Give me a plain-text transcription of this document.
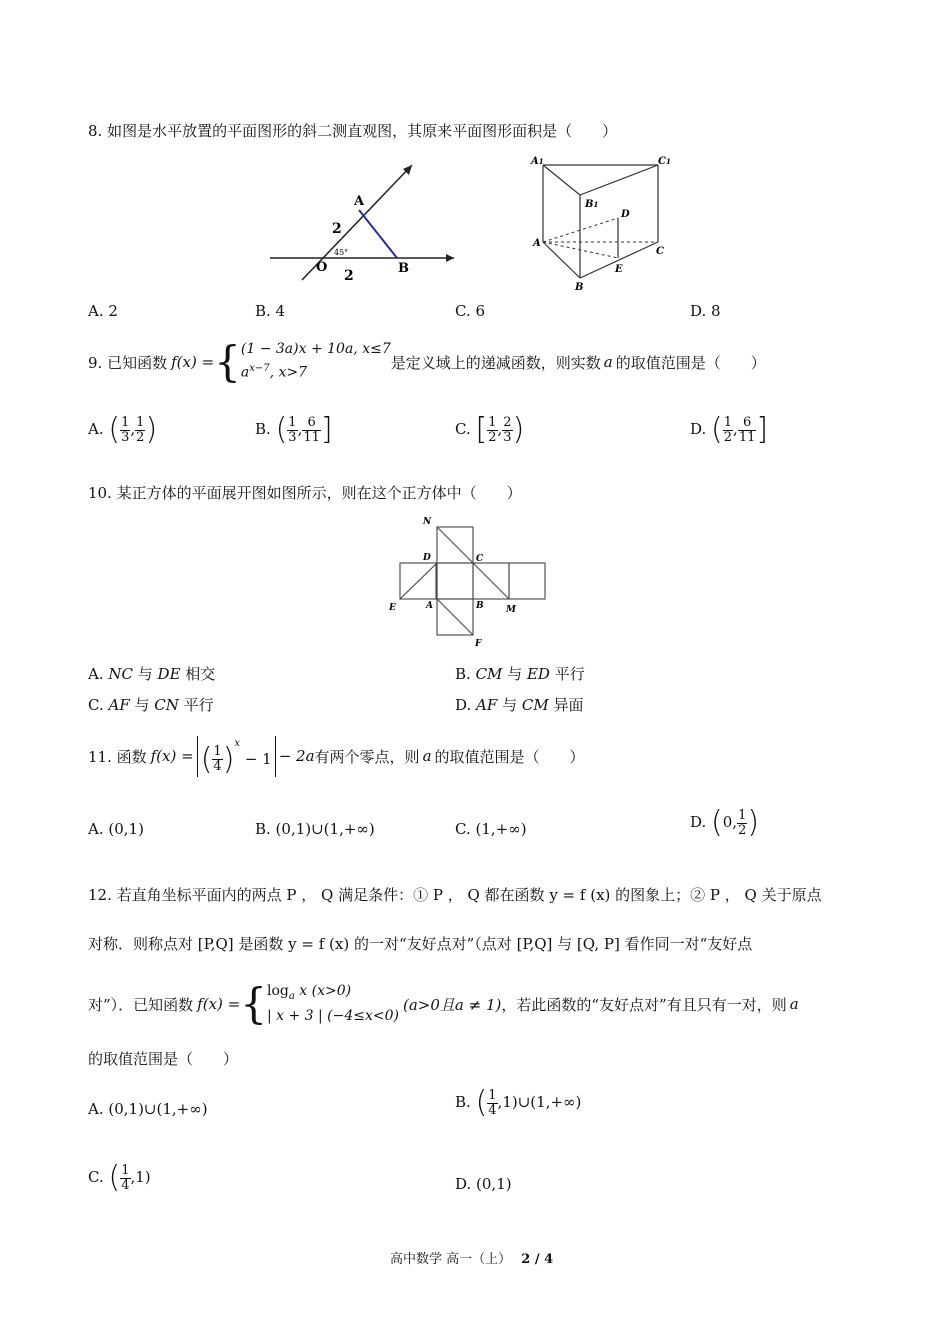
8. 如图是水平放置的平面图形的斜二测直观图，其原来平面图形面积是（　　）
A
O	B
2
2
45°
A1	C1
B1
D
A
C
E
B
A. 2	B. 4	C. 6	D. 8
9. 已知函数 f(x) = { (1 − 3a)x + 10a, x≤7
$a^{x-7}$, x>7
是定义域上的递减函数，则实数 a 的取值范围是（　　）
A. ( $\frac{1}{3}$ , $\frac{1}{2}$ )	B. ( $\frac{1}{3}$ , $\frac{6}{11}$ ]	C. [ $\frac{1}{2}$ , $\frac{2}{3}$ )	D. ( $\frac{1}{2}$ , $\frac{6}{11}$ ]
10. 某正方体的平面展开图如图所示，则在这个正方体中（　　）
N
D	C
E	A	B M
F
A. NC 与 DE 相交	B. CM 与 ED 平行
C. AF 与 CN 平行	D. AF 与 CM 异面
11. 函数 f(x) = ( $\frac{1}{4} )^x - 1 - 2a$ 有两个零点，则 a 的取值范围是（　　）
A. (0,1)	B. (0,1)∪(1,+∞)	C. (1,+∞)	D. (0, $\frac{1}{2}$ )
12. 若直角坐标平面内的两点 P ， Q 满足条件：① P ， Q 都在函数 y = f (x) 的图象上；② P ， Q 关于原点
对称．则称点对 [P,Q] 是函数 y = f (x) 的一对“友好点对”（点对 [P,Q] 与 [Q, P] 看作同一对“友好点
对”）．已知函数 f(x) = { $\log_a x$ (x>0)
| x + 3 | (−4≤x<0)
(a>0且a ≠ 1) ，若此函数的“友好点对”有且只有一对，则 a
的取值范围是（　　）
A. (0,1)∪(1,+∞)	B. ( $\frac{1}{4}$ ,1)∪(1,+∞)
C. ( $\frac{1}{4} ,1$)	D. (0,1)
高中数学 高一（上） 2 / 4
